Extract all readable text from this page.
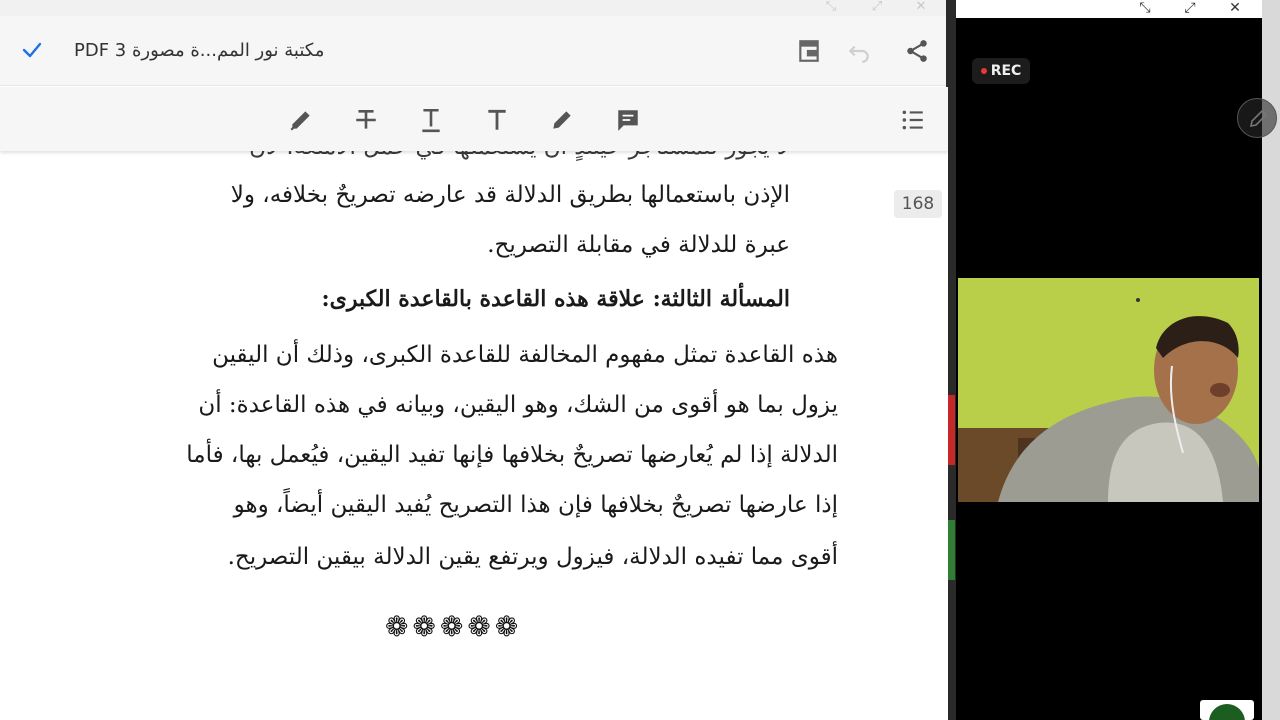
⤡	⤢	✕
PDF مكتبة نور المم...ة مصورة 3
الإذن باستعمالها بطريق الدلالة قد عارضه تصريحٌ بخلافه، ولا
عبرة للدلالة في مقابلة التصريح.
المسألة الثالثة: علاقة هذه القاعدة بالقاعدة الكبرى:
هذه القاعدة تمثل مفهوم المخالفة للقاعدة الكبرى، وذلك أن اليقين
يزول بما هو أقوى من الشك، وهو اليقين، وبيانه في هذه القاعدة: أن
الدلالة إذا لم يُعارضها تصريحٌ بخلافها فإنها تفيد اليقين، فيُعمل بها، فأما
إذا عارضها تصريحٌ بخلافها فإن هذا التصريح يُفيد اليقين أيضاً، وهو
أقوى مما تفيده الدلالة، فيزول ويرتفع يقين الدلالة بيقين التصريح.
❁ ❁ ❁ ❁ ❁
168
⤡ ⤢ ✕
REC
